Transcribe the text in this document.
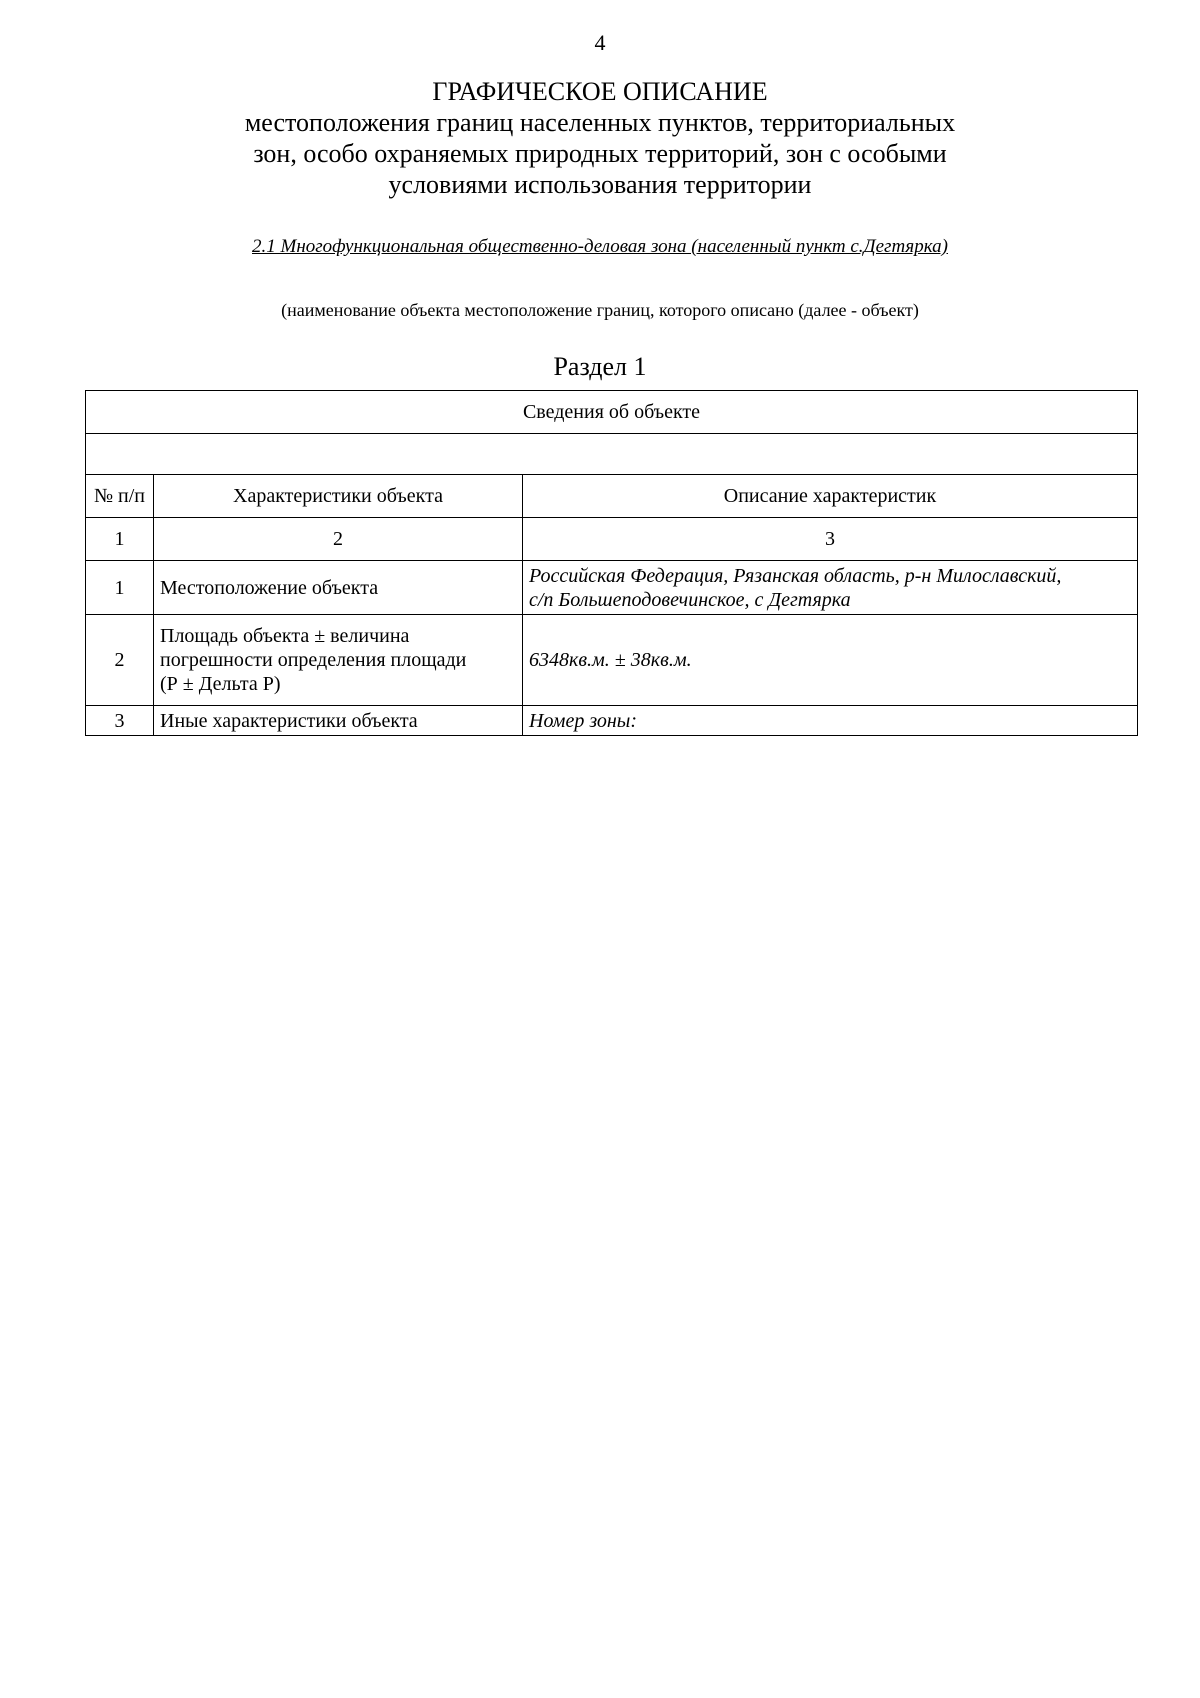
4
ГРАФИЧЕСКОЕ ОПИСАНИЕ
местоположения границ населенных пунктов, территориальных
зон, особо охраняемых природных территорий, зон с особыми
условиями использования территории
2.1 Многофункциональная общественно-деловая зона (населенный пункт с.Дегтярка)
(наименование объекта местоположение границ, которого описано (далее - объект)
Раздел 1
Сведения об объекте		

№ п/п	Характеристики объекта	Описание характеристик
1	2	3
1	Местоположение объекта	Российская Федерация, Рязанская область, р-н Милославский,
с/п Большеподовечинское, с Дегтярка

2	Площадь объекта ± величина
погрешности определения площади
(Р ± Дельта Р)	6348кв.м. ± 38кв.м.
3	Иные характеристики объекта	Номер зоны:
